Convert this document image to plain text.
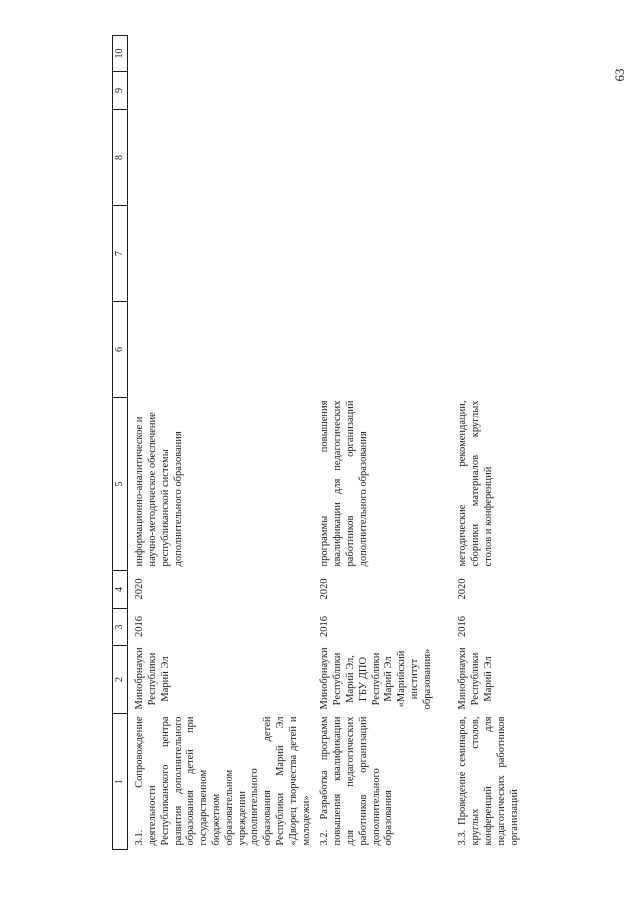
63
1	2	3	4	5	6	7	8	9	10
3.1. Сопровождение деятельности Республиканского центра развития дополнительного образования детей при государственном бюджетном образовательном учреждении дополнительного образования детей Республики Марий Эл «Дворец творчества детей и молодежи»	Минобрнауки Республики Марий Эл	2016	2020	информационно-аналитическое и научно-методическое обеспечение республиканской системы дополнительного образования					
3.2. Разработка программ повышения квалификации для педагогических работников организаций дополнительного образования	Минобрнауки Республики Марий Эл, ГБУ ДПО Республики Марий Эл «Марийский институт образования»	2016	2020	программы повышения квалификации для педагогических работников организаций дополнительного образования					
3.3. Проведение семинаров, круглых столов, конференций для педагогических работников организаций	Минобрнауки Республики Марий Эл	2016	2020	методические рекомендации, сборники материалов круглых столов и конференций					
